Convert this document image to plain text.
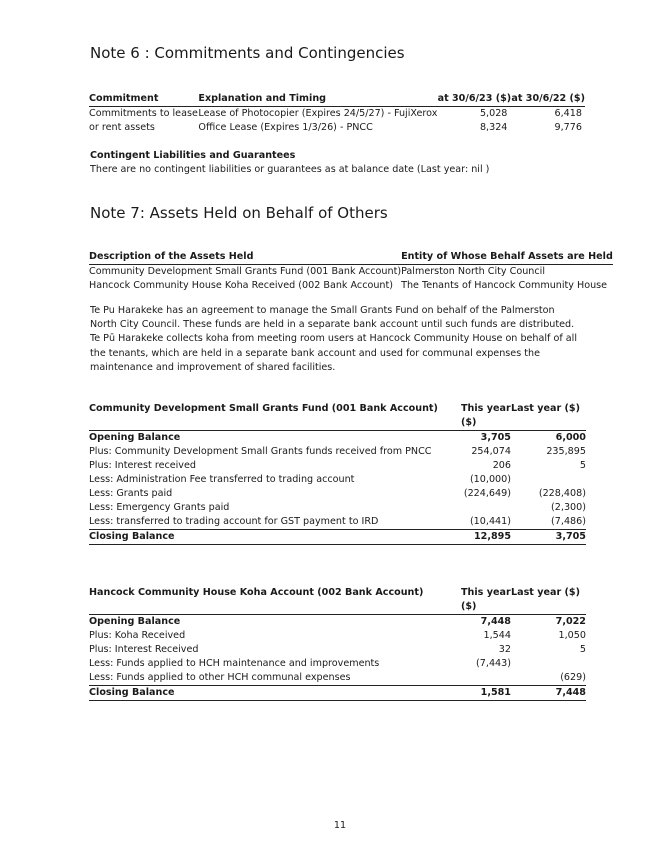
Note 6 : Commitments and Contingencies
Commitment	Explanation and Timing	at 30/6/23 ($)	at 30/6/22 ($)
Commitments to lease	Lease of Photocopier (Expires 24/5/27) - FujiXerox	5,028	6,418
or rent assets	Office Lease (Expires 1/3/26) - PNCC	8,324	9,776
Contingent Liabilities and Guarantees
There are no contingent liabilities or guarantees as at balance date (Last year: nil )
Note 7: Assets Held on Behalf of Others
Description of the Assets Held	Entity of Whose Behalf Assets are Held
Community Development Small Grants Fund (001 Bank Account)	Palmerston North City Council
Hancock Community House Koha Received (002 Bank Account)	The Tenants of Hancock Community House
Te Pu Harakeke has an agreement to manage the Small Grants Fund on behalf of the Palmerston North City Council. These funds are held in a separate bank account until such funds are distributed. Te Pū Harakeke collects koha from meeting room users at Hancock Community House on behalf of all the tenants, which are held in a separate bank account and used for communal expenses the maintenance and improvement of shared facilities.
Community Development Small Grants Fund (001 Bank Account)	This year ($)	Last year ($)
Opening Balance	3,705	6,000
Plus: Community Development Small Grants funds received from PNCC	254,074	235,895
Plus: Interest received	206	5
Less: Administration Fee transferred to trading account	(10,000)	
Less: Grants paid	(224,649)	(228,408)
Less: Emergency Grants paid		(2,300)
Less: transferred to trading account for GST payment to IRD	(10,441)	(7,486)
Closing Balance	12,895	3,705
Hancock Community House Koha Account (002 Bank Account)	This year ($)	Last year ($)
Opening Balance	7,448	7,022
Plus: Koha Received	1,544	1,050
Plus: Interest Received	32	5
Less: Funds applied to HCH maintenance and improvements	(7,443)	
Less: Funds applied to other HCH communal expenses		(629)
Closing Balance	1,581	7,448
11
